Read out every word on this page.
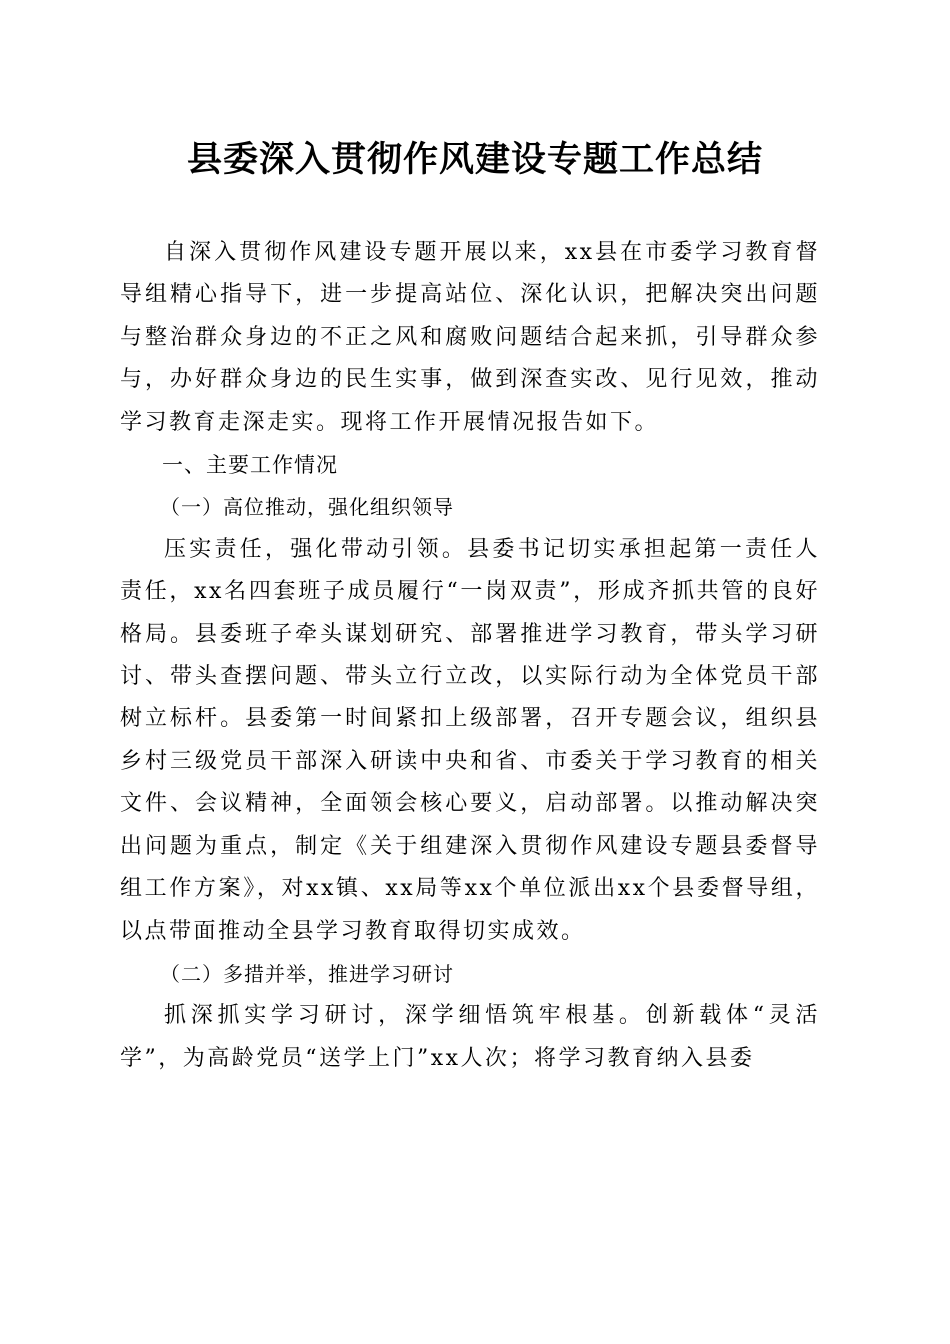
县委深入贯彻作风建设专题工作总结

自深入贯彻作风建设专题开展以来，xx县在市委学习教育督导组精心指导下，进一步提高站位、深化认识，把解决突出问题与整治群众身边的不正之风和腐败问题结合起来抓，引导群众参与，办好群众身边的民生实事，做到深查实改、见行见效，推动学习教育走深走实。现将工作开展情况报告如下。

一、主要工作情况

（一）高位推动，强化组织领导

压实责任，强化带动引领。县委书记切实承担起第一责任人责任，xx名四套班子成员履行“一岗双责”，形成齐抓共管的良好格局。县委班子牵头谋划研究、部署推进学习教育，带头学习研讨、带头查摆问题、带头立行立改，以实际行动为全体党员干部树立标杆。县委第一时间紧扣上级部署，召开专题会议，组织县乡村三级党员干部深入研读中央和省、市委关于学习教育的相关文件、会议精神，全面领会核心要义，启动部署。以推动解决突出问题为重点，制定《关于组建深入贯彻作风建设专题县委督导组工作方案》，对xx镇、xx局等xx个单位派出xx个县委督导组，以点带面推动全县学习教育取得切实成效。

（二）多措并举，推进学习研讨

抓深抓实学习研讨，深学细悟筑牢根基。创新载体“灵活学”，为高龄党员“送学上门”xx人次；将学习教育纳入县委
